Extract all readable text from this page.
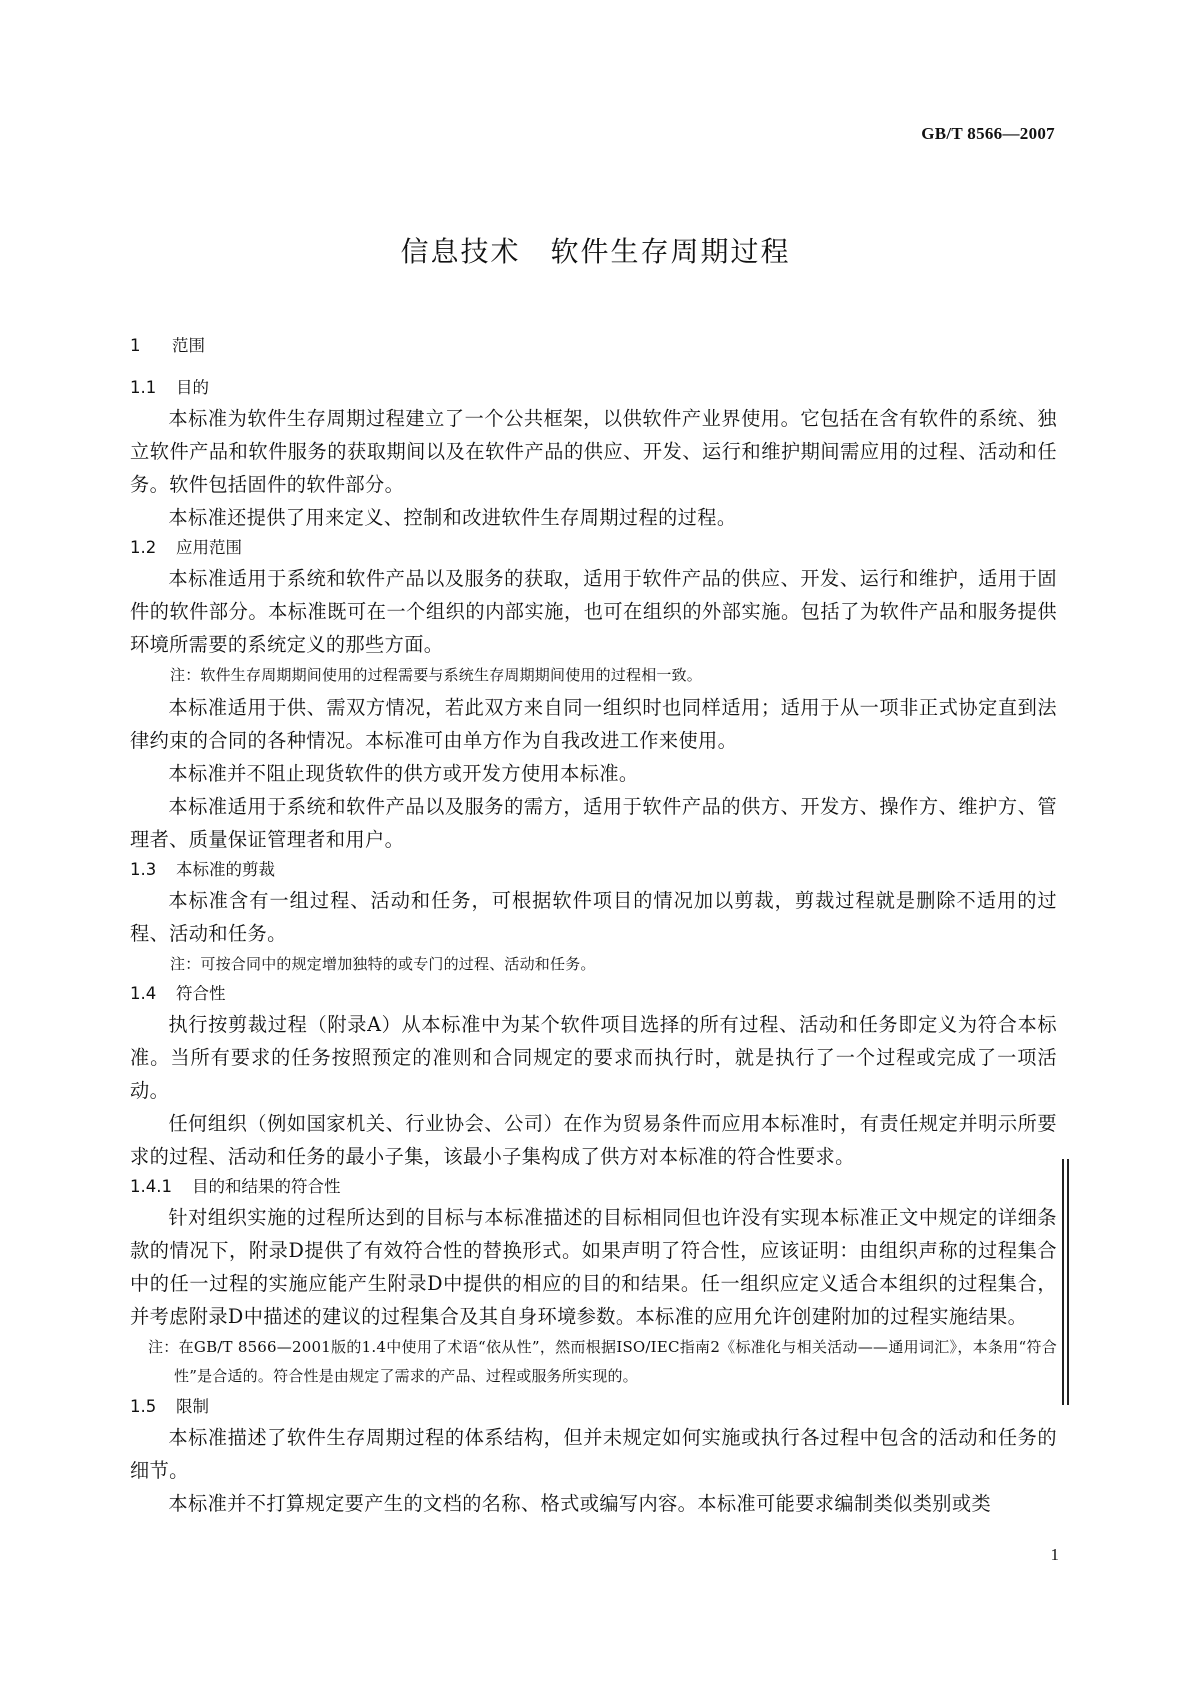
GB/T 8566—2007
信息技术　软件生存周期过程
1 范围
1.1 目的

本标准为软件生存周期过程建立了一个公共框架，以供软件产业界使用。它包括在含有软件的系统、独立软件产品和软件服务的获取期间以及在软件产品的供应、开发、运行和维护期间需应用的过程、活动和任务。软件包括固件的软件部分。

本标准还提供了用来定义、控制和改进软件生存周期过程的过程。

1.2 应用范围

本标准适用于系统和软件产品以及服务的获取，适用于软件产品的供应、开发、运行和维护，适用于固件的软件部分。本标准既可在一个组织的内部实施，也可在组织的外部实施。包括了为软件产品和服务提供环境所需要的系统定义的那些方面。

注：软件生存周期期间使用的过程需要与系统生存周期期间使用的过程相一致。

本标准适用于供、需双方情况，若此双方来自同一组织时也同样适用；适用于从一项非正式协定直到法律约束的合同的各种情况。本标准可由单方作为自我改进工作来使用。

本标准并不阻止现货软件的供方或开发方使用本标准。

本标准适用于系统和软件产品以及服务的需方，适用于软件产品的供方、开发方、操作方、维护方、管理者、质量保证管理者和用户。

1.3 本标准的剪裁

本标准含有一组过程、活动和任务，可根据软件项目的情况加以剪裁，剪裁过程就是删除不适用的过程、活动和任务。

注：可按合同中的规定增加独特的或专门的过程、活动和任务。

1.4 符合性

执行按剪裁过程（附录A）从本标准中为某个软件项目选择的所有过程、活动和任务即定义为符合本标准。当所有要求的任务按照预定的准则和合同规定的要求而执行时，就是执行了一个过程或完成了一项活动。

任何组织（例如国家机关、行业协会、公司）在作为贸易条件而应用本标准时，有责任规定并明示所要求的过程、活动和任务的最小子集，该最小子集构成了供方对本标准的符合性要求。

1.4.1 目的和结果的符合性

针对组织实施的过程所达到的目标与本标准描述的目标相同但也许没有实现本标准正文中规定的详细条款的情况下，附录D提供了有效符合性的替换形式。如果声明了符合性，应该证明：由组织声称的过程集合中的任一过程的实施应能产生附录D中提供的相应的目的和结果。任一组织应定义适合本组织的过程集合，并考虑附录D中描述的建议的过程集合及其自身环境参数。本标准的应用允许创建附加的过程实施结果。

注：在GB/T 8566—2001版的1.4中使用了术语“依从性”，然而根据ISO/IEC指南2《标准化与相关活动——通用词汇》，本条用“符合性”是合适的。符合性是由规定了需求的产品、过程或服务所实现的。

1.5 限制

本标准描述了软件生存周期过程的体系结构，但并未规定如何实施或执行各过程中包含的活动和任务的细节。

本标准并不打算规定要产生的文档的名称、格式或编写内容。本标准可能要求编制类似类别或类

1
